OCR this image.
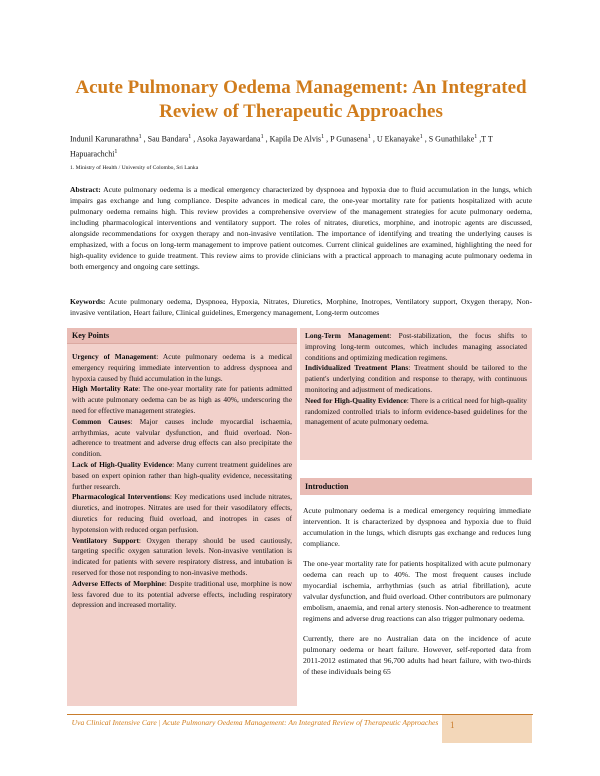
Acute Pulmonary Oedema Management: An Integrated Review of Therapeutic Approaches
Indunil Karunarathna$^1$ , Sau Bandara$^1$ , Asoka Jayawardana$^1$ , Kapila De Alvis$^1$ , P Gunasena$^1$ , U Ekanayake$^1$ , S Gunathilake$^1$ ,T T Hapuarachchi$^1$
1. Ministry of Health / University of Colombo, Sri Lanka
Abstract: Acute pulmonary oedema is a medical emergency characterized by dyspnoea and hypoxia due to fluid accumulation in the lungs, which impairs gas exchange and lung compliance. Despite advances in medical care, the one-year mortality rate for patients hospitalized with acute pulmonary oedema remains high. This review provides a comprehensive overview of the management strategies for acute pulmonary oedema, including pharmacological interventions and ventilatory support. The roles of nitrates, diuretics, morphine, and inotropic agents are discussed, alongside recommendations for oxygen therapy and non-invasive ventilation. The importance of identifying and treating the underlying causes is emphasized, with a focus on long-term management to improve patient outcomes. Current clinical guidelines are examined, highlighting the need for high-quality evidence to guide treatment. This review aims to provide clinicians with a practical approach to managing acute pulmonary oedema in both emergency and ongoing care settings.
Keywords: Acute pulmonary oedema, Dyspnoea, Hypoxia, Nitrates, Diuretics, Morphine, Inotropes, Ventilatory support, Oxygen therapy, Non-invasive ventilation, Heart failure, Clinical guidelines, Emergency management, Long-term outcomes
Key Points

Urgency of Management: Acute pulmonary oedema is a medical emergency requiring immediate intervention to address dyspnoea and hypoxia caused by fluid accumulation in the lungs.

High Mortality Rate: The one-year mortality rate for patients admitted with acute pulmonary oedema can be as high as 40%, underscoring the need for effective management strategies.

Common Causes: Major causes include myocardial ischaemia, arrhythmias, acute valvular dysfunction, and fluid overload. Non-adherence to treatment and adverse drug effects can also precipitate the condition.

Lack of High-Quality Evidence: Many current treatment guidelines are based on expert opinion rather than high-quality evidence, necessitating further research.

Pharmacological Interventions: Key medications used include nitrates, diuretics, and inotropes. Nitrates are used for their vasodilatory effects, diuretics for reducing fluid overload, and inotropes in cases of hypotension with reduced organ perfusion.

Ventilatory Support: Oxygen therapy should be used cautiously, targeting specific oxygen saturation levels. Non-invasive ventilation is indicated for patients with severe respiratory distress, and intubation is reserved for those not responding to non-invasive methods.

Adverse Effects of Morphine: Despite traditional use, morphine is now less favored due to its potential adverse effects, including respiratory depression and increased mortality.

Long-Term Management: Post-stabilization, the focus shifts to improving long-term outcomes, which includes managing associated conditions and optimizing medication regimens.

Individualized Treatment Plans: Treatment should be tailored to the patient's underlying condition and response to therapy, with continuous monitoring and adjustment of medications.

Need for High-Quality Evidence: There is a critical need for high-quality randomized controlled trials to inform evidence-based guidelines for the management of acute pulmonary oedema.

Introduction

Acute pulmonary oedema is a medical emergency requiring immediate intervention. It is characterized by dyspnoea and hypoxia due to fluid accumulation in the lungs, which disrupts gas exchange and reduces lung compliance.

The one-year mortality rate for patients hospitalized with acute pulmonary oedema can reach up to 40%. The most frequent causes include myocardial ischemia, arrhythmias (such as atrial fibrillation), acute valvular dysfunction, and fluid overload. Other contributors are pulmonary embolism, anaemia, and renal artery stenosis. Non-adherence to treatment regimens and adverse drug reactions can also trigger pulmonary oedema.

Currently, there are no Australian data on the incidence of acute pulmonary oedema or heart failure. However, self-reported data from 2011-2012 estimated that 96,700 adults had heart failure, with two-thirds of these individuals being 65

Uva Clinical Intensive Care | Acute Pulmonary Oedema Management: An Integrated Review of Therapeutic Approaches	1
